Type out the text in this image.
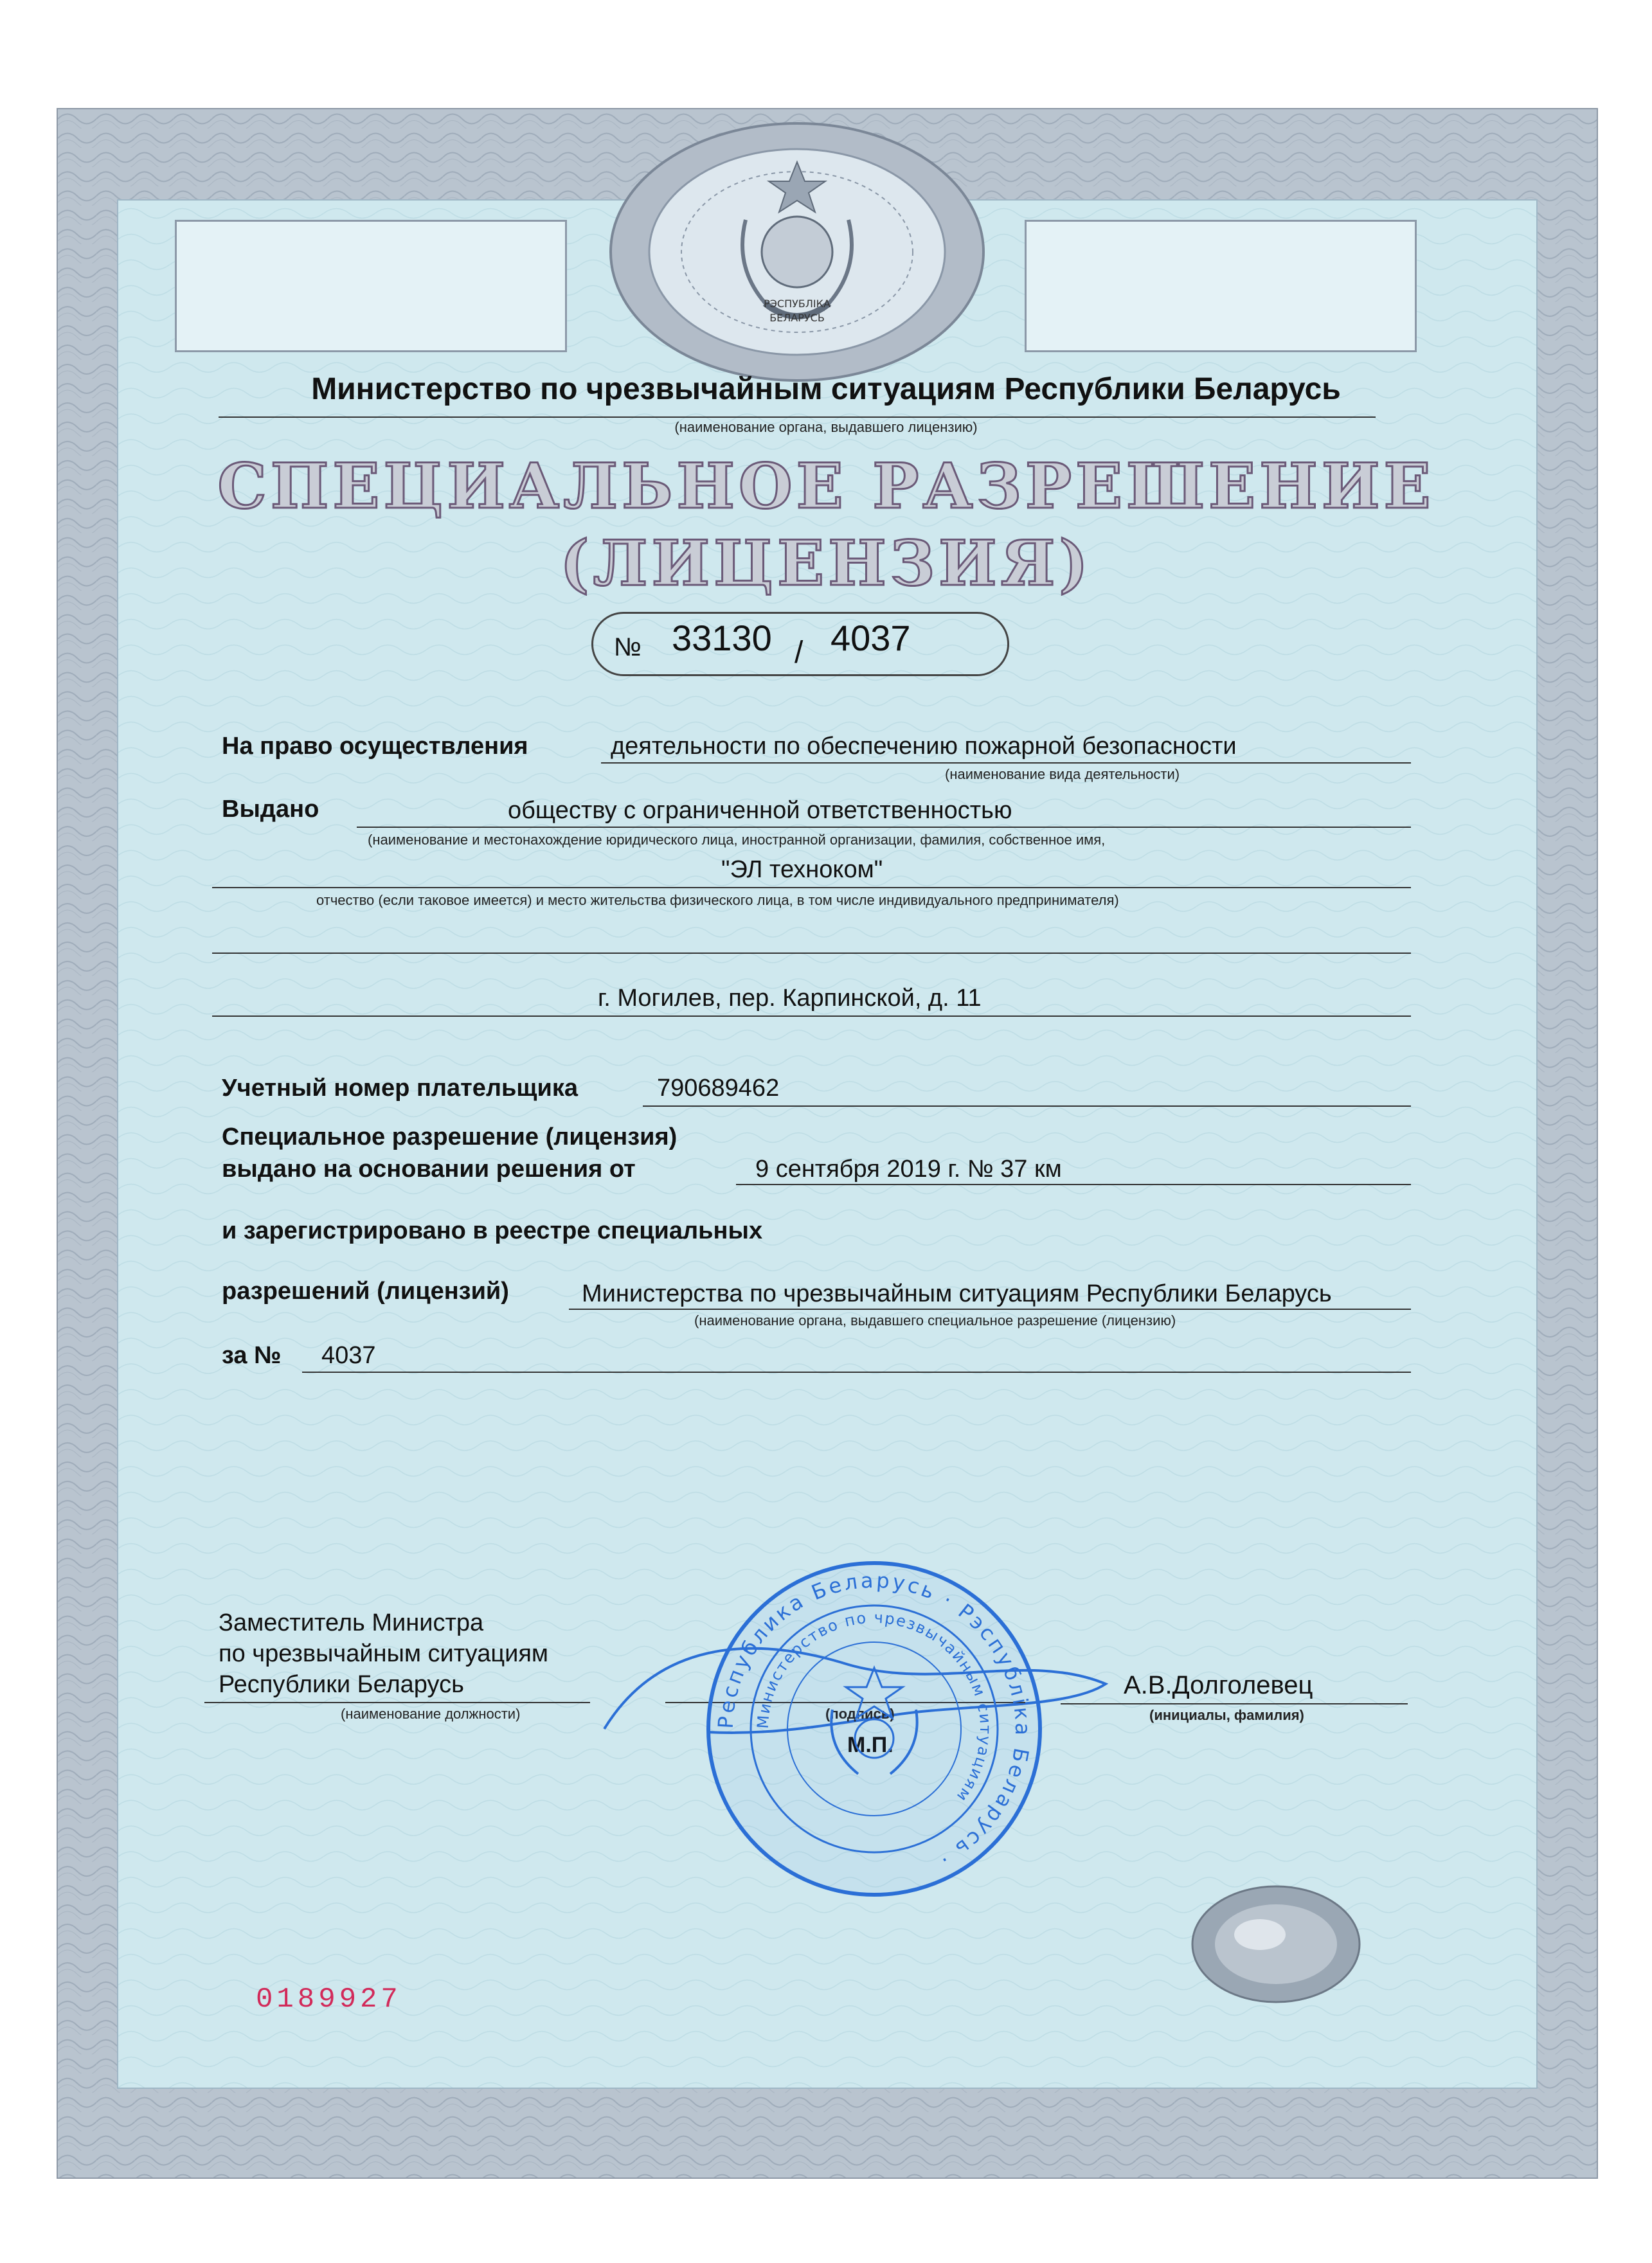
РЭСПУБЛІКА
БЕЛАРУСЬ
Министерство по чрезвычайным ситуациям Республики Беларусь
(наименование органа, выдавшего лицензию)
СПЕЦИАЛЬНОЕ РАЗРЕШЕНИЕ
(ЛИЦЕНЗИЯ)
№ 33130 / 4037
На право осуществления	деятельности по обеспечению пожарной безопасности
(наименование вида деятельности)
Выдано	обществу с ограниченной ответственностью
(наименование и местонахождение юридического лица, иностранной организации, фамилия, собственное имя,
"ЭЛ техноком"
отчество (если таковое имеется) и место жительства физического лица, в том числе индивидуального предпринимателя)
г. Могилев, пер. Карпинской, д. 11
Учетный номер плательщика	790689462
Специальное разрешение (лицензия)
выдано на основании решения от	9 сентября 2019 г. № 37 км
и зарегистрировано в реестре специальных
разрешений (лицензий)	Министерства по чрезвычайным ситуациям Республики Беларусь
(наименование органа, выдавшего специальное разрешение (лицензию)
за № 4037
Заместитель Министра
по чрезвычайным ситуациям
Республики Беларусь
(наименование должности)
А.В.Долголевец
(инициалы, фамилия)
Республика Беларусь · Рэспубліка Беларусь ·
Министерство по чрезвычайным ситуациям
0189927
